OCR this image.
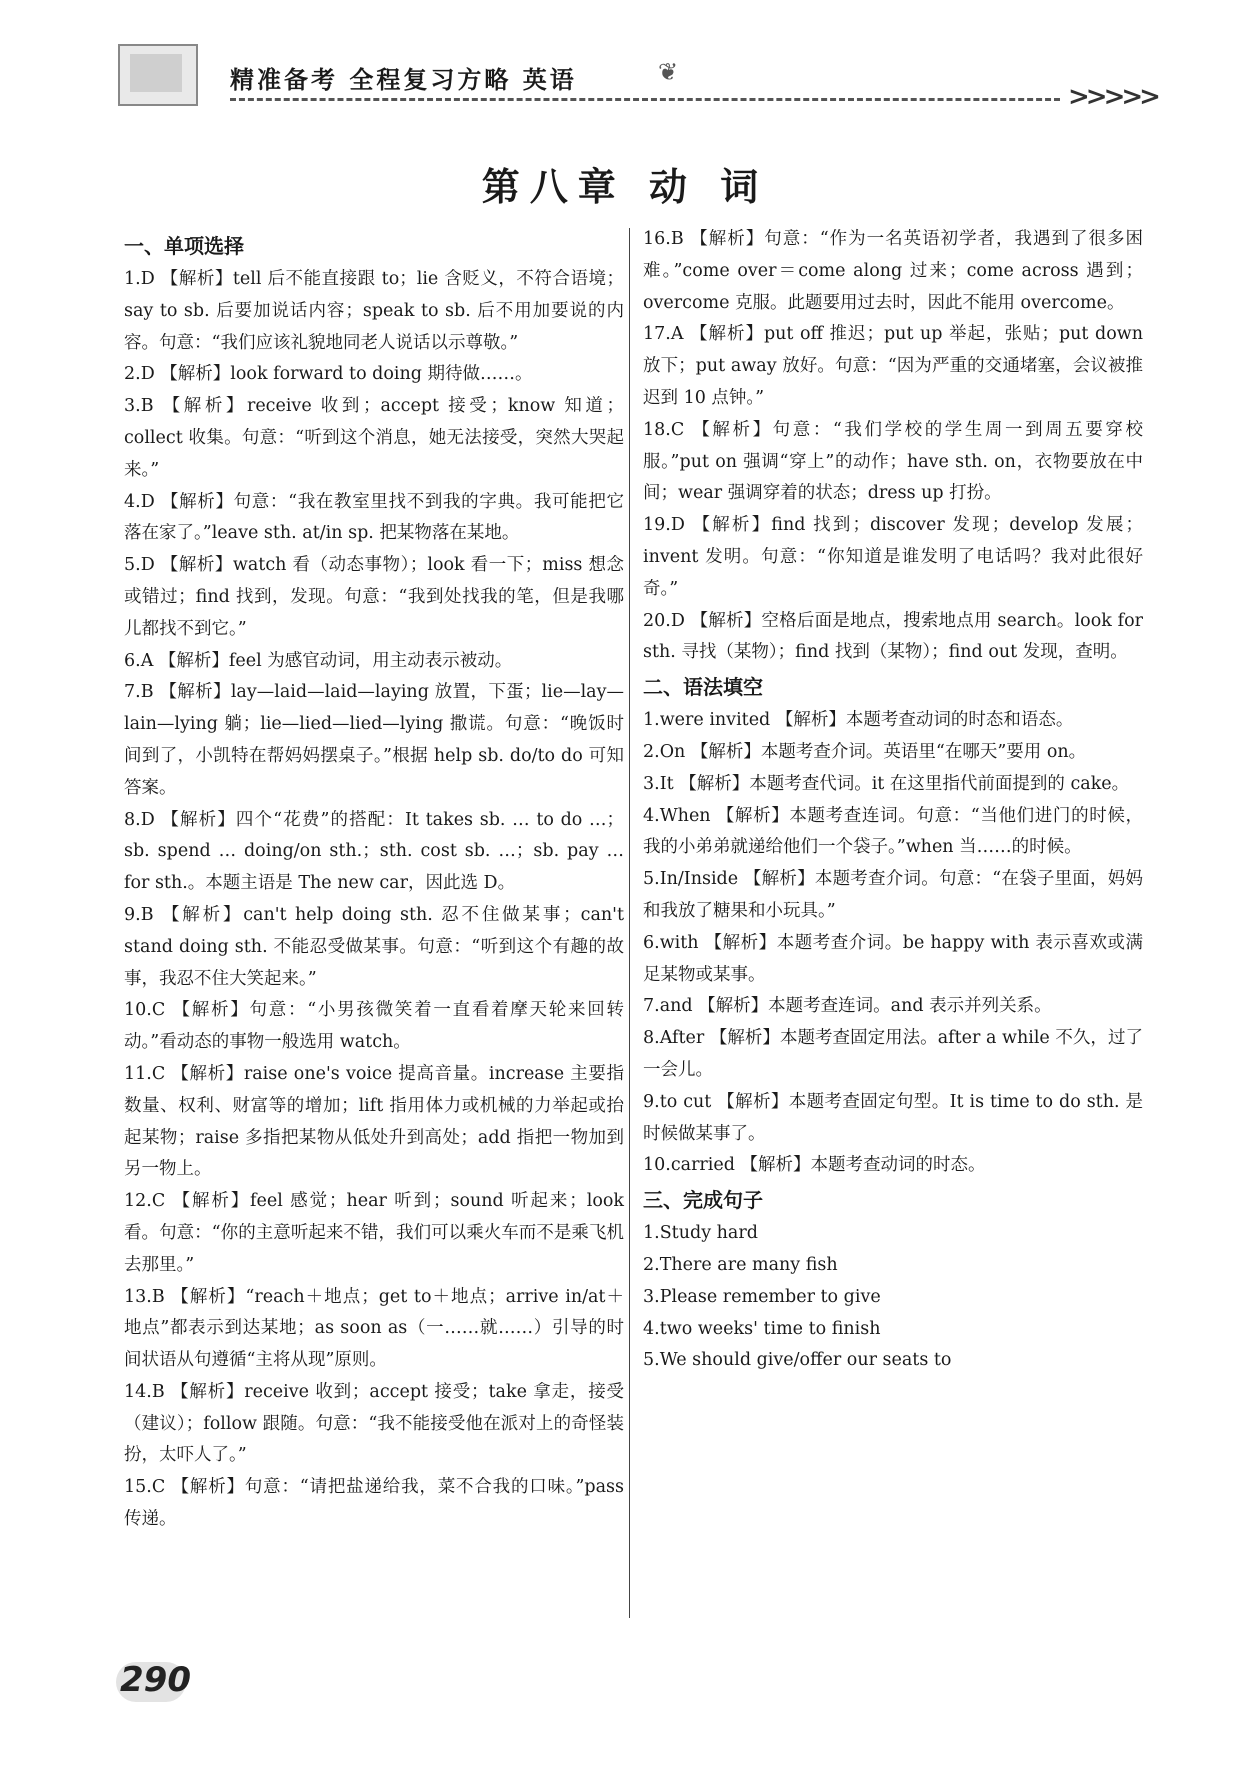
精准备考 全程复习方略 英语	❦
>>>>>
第八章 动 词
一、单项选择

1.D 【解析】tell 后不能直接跟 to；lie 含贬义，不符合语境；say to sb. 后要加说话内容；speak to sb. 后不用加要说的内容。句意：“我们应该礼貌地同老人说话以示尊敬。”

2.D 【解析】look forward to doing 期待做……。

3.B 【解析】receive 收到；accept 接受；know 知道；collect 收集。句意：“听到这个消息，她无法接受，突然大哭起来。”

4.D 【解析】句意：“我在教室里找不到我的字典。我可能把它落在家了。”leave sth. at/in sp. 把某物落在某地。

5.D 【解析】watch 看（动态事物）；look 看一下；miss 想念或错过；find 找到，发现。句意：“我到处找我的笔，但是我哪儿都找不到它。”

6.A 【解析】feel 为感官动词，用主动表示被动。

7.B 【解析】lay—laid—laid—laying 放置，下蛋；lie—lay—lain—lying 躺；lie—lied—lied—lying 撒谎。句意：“晚饭时间到了，小凯特在帮妈妈摆桌子。”根据 help sb. do/to do 可知答案。

8.D 【解析】四个“花费”的搭配：It takes sb. … to do …；sb. spend … doing/on sth.；sth. cost sb. …；sb. pay … for sth.。本题主语是 The new car，因此选 D。

9.B 【解析】can't help doing sth. 忍不住做某事；can't stand doing sth. 不能忍受做某事。句意：“听到这个有趣的故事，我忍不住大笑起来。”

10.C 【解析】句意：“小男孩微笑着一直看着摩天轮来回转动。”看动态的事物一般选用 watch。

11.C 【解析】raise one's voice 提高音量。increase 主要指数量、权利、财富等的增加；lift 指用体力或机械的力举起或抬起某物；raise 多指把某物从低处升到高处；add 指把一物加到另一物上。

12.C 【解析】feel 感觉；hear 听到；sound 听起来；look 看。句意：“你的主意听起来不错，我们可以乘火车而不是乘飞机去那里。”

13.B 【解析】“reach＋地点；get to＋地点；arrive in/at＋地点”都表示到达某地；as soon as（一……就……）引导的时间状语从句遵循“主将从现”原则。

14.B 【解析】receive 收到；accept 接受；take 拿走，接受（建议）；follow 跟随。句意：“我不能接受他在派对上的奇怪装扮，太吓人了。”

15.C 【解析】句意：“请把盐递给我，菜不合我的口味。”pass 传递。

16.B 【解析】句意：“作为一名英语初学者，我遇到了很多困难。”come over＝come along 过来；come across 遇到；overcome 克服。此题要用过去时，因此不能用 overcome。

17.A 【解析】put off 推迟；put up 举起，张贴；put down 放下；put away 放好。句意：“因为严重的交通堵塞，会议被推迟到 10 点钟。”

18.C 【解析】句意：“我们学校的学生周一到周五要穿校服。”put on 强调“穿上”的动作；have sth. on，衣物要放在中间；wear 强调穿着的状态；dress up 打扮。

19.D 【解析】find 找到；discover 发现；develop 发展；invent 发明。句意：“你知道是谁发明了电话吗？我对此很好奇。”

20.D 【解析】空格后面是地点，搜索地点用 search。look for sth. 寻找（某物）；find 找到（某物）；find out 发现，查明。

二、语法填空

1.were invited 【解析】本题考查动词的时态和语态。

2.On 【解析】本题考查介词。英语里“在哪天”要用 on。

3.It 【解析】本题考查代词。it 在这里指代前面提到的 cake。

4.When 【解析】本题考查连词。句意：“当他们进门的时候，我的小弟弟就递给他们一个袋子。”when 当……的时候。

5.In/Inside 【解析】本题考查介词。句意：“在袋子里面，妈妈和我放了糖果和小玩具。”

6.with 【解析】本题考查介词。be happy with 表示喜欢或满足某物或某事。

7.and 【解析】本题考查连词。and 表示并列关系。

8.After 【解析】本题考查固定用法。after a while 不久，过了一会儿。

9.to cut 【解析】本题考查固定句型。It is time to do sth. 是时候做某事了。

10.carried 【解析】本题考查动词的时态。

三、完成句子

1.Study hard

2.There are many fish

3.Please remember to give

4.two weeks' time to finish

5.We should give/offer our seats to

290
